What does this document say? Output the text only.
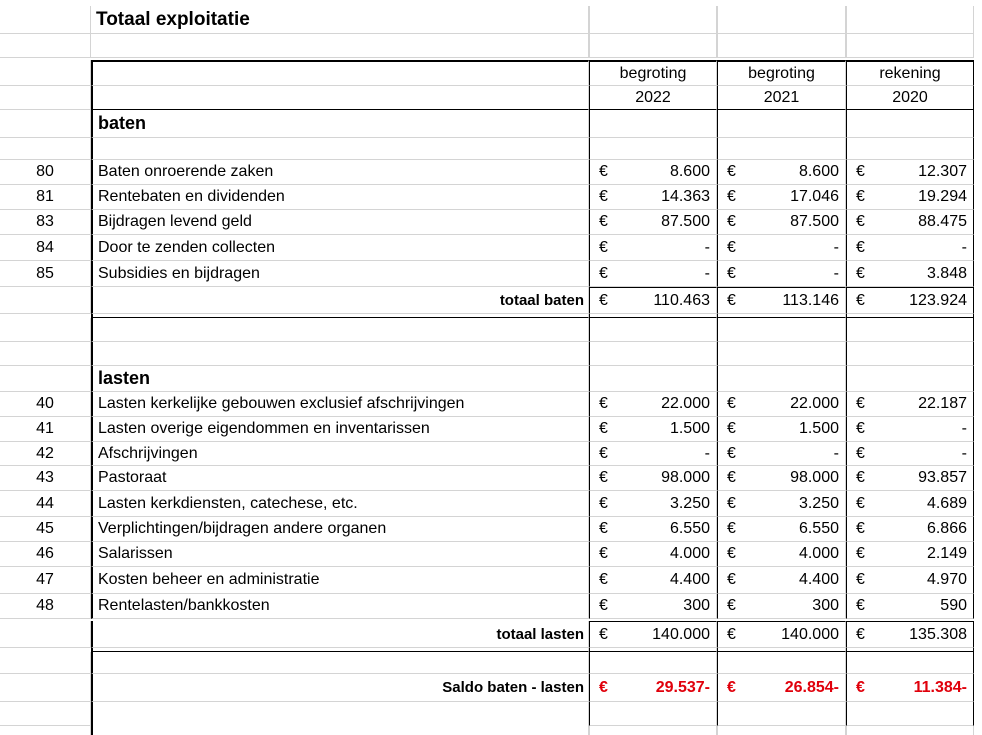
Totaal exploitatie
begroting	begroting	rekening
2022	2021	2020
baten
80	Baten onroerende zaken	€	8.600 €	8.600 €	12.307
81	Rentebaten en dividenden	€	14.363 €	17.046 €	19.294
83	Bijdragen levend geld	€	87.500 €	87.500 €	88.475
84	Door te zenden collecten	€	- €	- €	-
85	Subsidies en bijdragen	€	- €	- €	3.848
totaal baten €	110.463 €	113.146 €	123.924
lasten
40	Lasten kerkelijke gebouwen exclusief afschrijvingen	€	22.000 €	22.000 €	22.187
41	Lasten overige eigendommen en inventarissen	€	1.500 €	1.500 €	-
42	Afschrijvingen	€	- €	- €	-
43	Pastoraat	€	98.000 €	98.000 €	93.857
44	Lasten kerkdiensten, catechese, etc.	€	3.250 €	3.250 €	4.689
45	Verplichtingen/bijdragen andere organen	€	6.550 €	6.550 €	6.866
46	Salarissen	€	4.000 €	4.000 €	2.149
47	Kosten beheer en administratie	€	4.400 €	4.400 €	4.970
48	Rentelasten/bankkosten	€	300 €	300 €	590
totaal lasten €	140.000 €	140.000 €	135.308
Saldo baten - lasten €	29.537- €	26.854- €	11.384-
